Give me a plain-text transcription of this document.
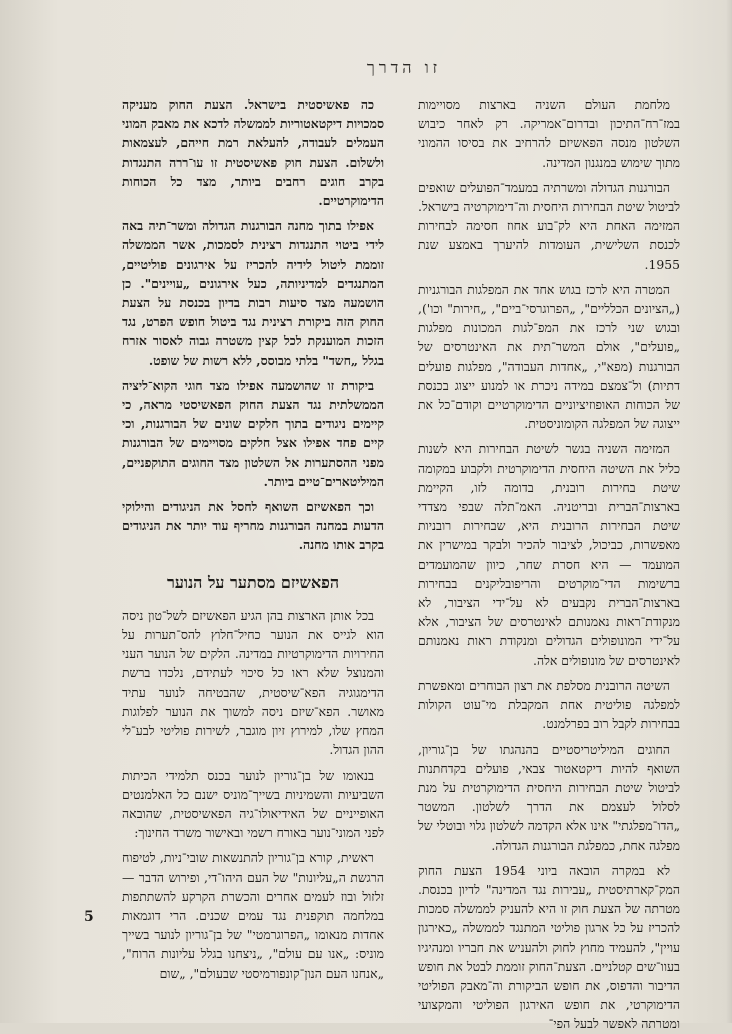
זו הדרך

מלחמת העולם השניה בארצות מסויימות במז־רח־התיכון ובדרום־אמריקה. רק לאחר כיבוש השלטון מנסה הפאשיזם להרחיב את בסיסו ההמוני מתוך שימוש במנגנון המדינה.

הבורגנות הגדולה ומשרתיה במעמד־הפועלים שואפים לביטול שיטת הבחירות היחסית וה־דימוקרטיה בישראל. המזימה האחת היא לק־בוע אחוז חסימה לבחירות לכנסת השלישית, העומדות להיערך באמצע שנת 1955.

המטרה היא לרכז בגוש אחד את המפלגות הבורגניות („הציונים הכלליים", „הפרוגרסי־ביים", „חירות" וכו'), ובגוש שני לרכז את המפ־לגות המכונות מפלגות „פועלים", אולם המשר־תית את האינטרסים של הבורגנות (מפא"י, „אחדות העבודה", מפלגות פועלים דתיות) ול־צמצם במידה ניכרת או למנוע ייצוג בכנסת של הכוחות האופוזיציוניים הדימוקרטיים וקודם־כל את ייצוגה של המפלגה הקומוניסטית.

המזימה השניה בגשר לשיטת הבחירות היא לשנות כליל את השיטה היחסית הדימוקרטית ולקבוע במקומה שיטת בחירות רובנית, בדומה לזו, הקיימת בארצות־הברית ובריטניה. האמ־תלה שבפי מצדדי שיטת הבחירות הרובנית היא, שבחירות רובניות מאפשרות, כביכול, לציבור להכיר ולבקר במישרין את המועמד — היא חסרת שחר, כיוון שהמועמדים ברשימות הדי־מוקרטים והריפובליקנים בבחירות בארצות־הברית נקבעים לא על־ידי הציבור, לא מנקודת־ראות נאמנותם לאינטרסים של הציבור, אלא על־ידי המונופולים הגדולים ומנקודת ראות נאמנותם לאינטרסים של מונופולים אלה.

השיטה הרובנית מסלפת את רצון הבוחרים ומאפשרת למפלגה פוליטית אחת המקבלת מי־עוט הקולות בבחירות לקבל רוב בפרלמנט.

החוגים המיליטריסטיים בהנהגתו של בן־גוריון, השואף להיות דיקטאטור צבאי, פועלים בקדחתנות לביטול שיטת הבחירות היחסית הדימוקרטית על מנת לסלול לעצמם את הדרך לשלטון. המשטר „הדו־מפלגתי" אינו אלא הקדמה לשלטון גלוי ובוטלי של מפלגה אחת, כמפלגת הבורגנות הגדולה.

לא במקרה הובאה ביוני 1954 הצעת החוק המק־קארתיסטית „עבירות נגד המדינה" לדיון בכנסת. מטרתה של הצעת חוק זו היא להעניק לממשלה סמכות להכריז על כל ארגון פוליטי המתנגד לממשלה „כאירגון עויין", להעמיד מחוץ לחוק ולהעניש את חבריו ומנהיגיו בעוו־שים קטלניים. הצעת־החוק זוממת לבטל את חופש הדיבור והדפוס, את חופש הביקורת וה־מאבק הפוליטי הדימוקרטי, את חופש האירגון הפוליטי והמקצועי ומטרתה לאפשר לבעל הפי־

כה פאשיסטית בישראל. הצעת החוק מעניקה סמכויות דיקטאטוריות לממשלה לדכא את מאבק המוני העמלים לעבודה, להעלאת רמת חייהם, לעצמאות ולשלום. הצעת חוק פאשיסטית זו עו־ררה התנגדות בקרב חוגים רחבים ביותר, מצד כל הכוחות הדימוקרטיים.

אפילו בתוך מחנה הבורגנות הגדולה ומשר־תיה באה לידי ביטוי התנגדות רצינית לסמכות, אשר הממשלה זוממת ליטול לידיה להכריז על אירגונים פוליטיים, המתנגדים למדיניותה, כעל אירגונים „עויינים". כן הושמעה מצד סיעות רבות בדיון בכנסת על הצעת החוק הזה ביקורת רצינית נגד ביטול חופש הפרט, נגד הזכות המוענקת לכל קצין משטרה גבוה לאסור אזרח בגלל „חשד" בלתי מבוסס, ללא רשות של שופט.

ביקורת זו שהושמעה אפילו מצד חוגי הקוא־ליציה הממשלתית נגד הצעת החוק הפאשיסטי מראה, כי קיימים ניגודים בתוך חלקים שונים של הבורגנות, וכי קיים פחד אפילו אצל חלקים מסויימים של הבורגנות מפני ההסתערות אל השלטון מצד החוגים התוקפניים, המיליטארים־טיים ביותר.

וכך הפאשיזם השואף לחסל את הניגודים והילוקי הדעות במחנה הבורגנות מחריף עוד יותר את הניגודים בקרב אותו מחנה.

הפאשיזם מסתער על הנוער

בכל אותן הארצות בהן הגיע הפאשיזם לשל־טון ניסה הוא לגייס את הנוער כחיל־חלוץ להס־תערות על החירויות הדימוקרטיות במדינה. הלקים של הנוער העני והמנוצל שלא ראו כל סיכוי לעתידם, נלכדו ברשת הדימגוגיה הפא־שיסטית, שהבטיחה לנוער עתיד מאושר. הפא־שיזם ניסה למשוך את הנוער לפלוגות המחץ שלו, למירוץ זיון מוגבר, לשירות פוליטי לבע־לי ההון הגדול.

בנאומו של בן־גוריון לנוער בכנס תלמידי הכיתות השביעיות והשמיניות בשייך־מוניס ישנם כל האלמנטים האופייניים של האידיאולו־גיה הפאשיסטית, שהובאה לפני המוני־נוער באורח רשמי ובאישור משרד החינוך:

ראשית, קורא בן־גוריון להתנשאות שובי־ניות, לטיפוח הרגשת ה„עליונות" של העם היהו־די, ופירוש הדבר — זלזול ובוז לעמים אחרים והכשרת הקרקע להשתתפות במלחמה תוקפנית נגד עמים שכנים. הרי דוגמאות אחדות מנאומו „הפרוגרמטי" של בן־גוריון לנוער בשייך מוניס: „אנו עם עולם", „ניצחנו בגלל עליונות הרוח", „אנחנו העם הנון־קונפורמיסטי שבעולם", „שום

5
